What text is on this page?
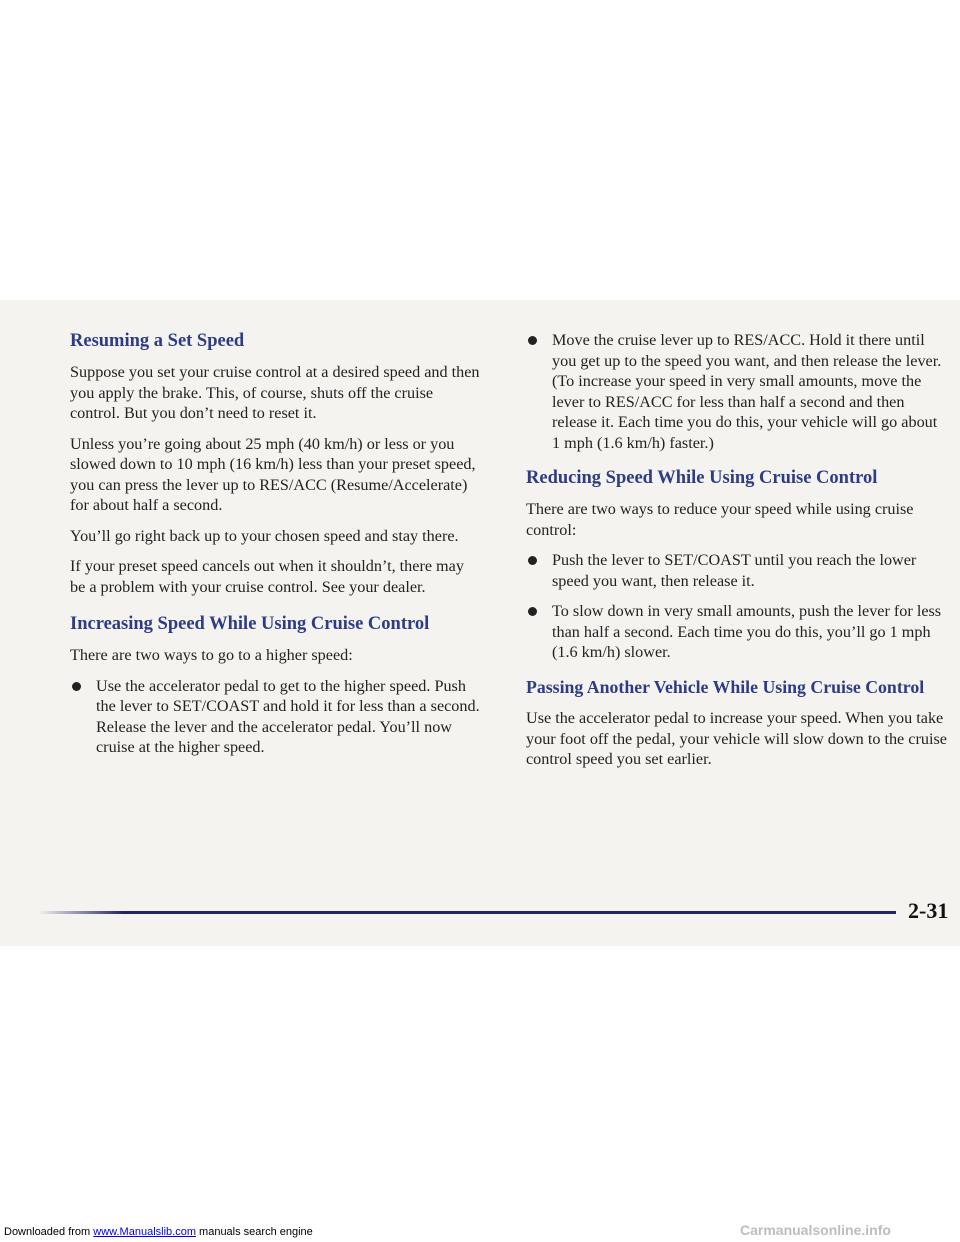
Resuming a Set Speed

Suppose you set your cruise control at a desired speed and then you apply the brake. This, of course, shuts off the cruise control. But you don’t need to reset it.

Unless you’re going about 25 mph (40 km/h) or less or you slowed down to 10 mph (16 km/h) less than your preset speed, you can press the lever up to RES/ACC (Resume/Accelerate) for about half a second.

You’ll go right back up to your chosen speed and stay there.

If your preset speed cancels out when it shouldn’t, there may be a problem with your cruise control. See your dealer.

Increasing Speed While Using Cruise Control

There are two ways to go to a higher speed:

Use the accelerator pedal to get to the higher speed. Push the lever to SET/COAST and hold it for less than a second. Release the lever and the accelerator pedal. You’ll now cruise at the higher speed.

Move the cruise lever up to RES/ACC. Hold it there until you get up to the speed you want, and then release the lever. (To increase your speed in very small amounts, move the lever to RES/ACC for less than half a second and then release it. Each time you do this, your vehicle will go about 1 mph (1.6 km/h) faster.)

Reducing Speed While Using Cruise Control

There are two ways to reduce your speed while using cruise control:

Push the lever to SET/COAST until you reach the lower speed you want, then release it.

To slow down in very small amounts, push the lever for less than half a second. Each time you do this, you’ll go 1 mph (1.6 km/h) slower.

Passing Another Vehicle While Using Cruise Control

Use the accelerator pedal to increase your speed. When you take your foot off the pedal, your vehicle will slow down to the cruise control speed you set earlier.

2-31
Downloaded from www.Manualslib.com manuals search engine	Carmanualsonline.info
